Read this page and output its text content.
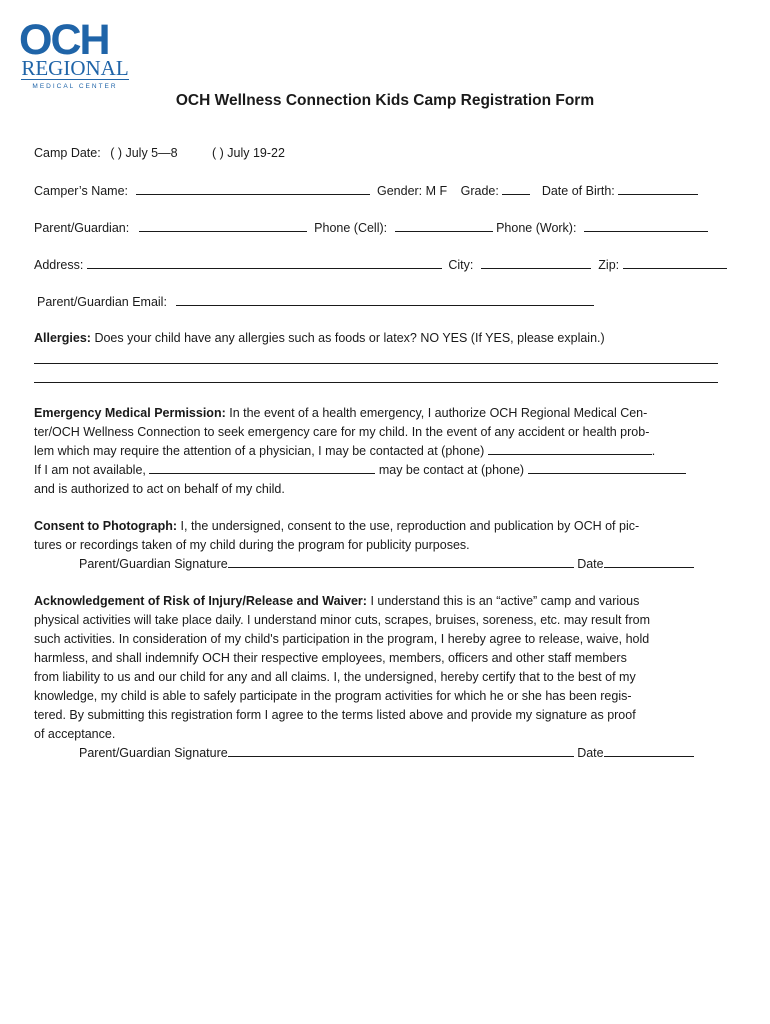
OCH
REGIONAL
MEDICAL CENTER
OCH Wellness Connection Kids Camp Registration Form
Camp Date: ( ) July 5—8	( ) July 19-22
Camper’s Name:	Gender: M F Grade:	Date of Birth:
Parent/Guardian:	Phone (Cell):	Phone (Work):
Address:	City:	Zip:
Parent/Guardian Email:
Allergies: Does your child have any allergies such as foods or latex? NO YES (If YES, please explain.)
Emergency Medical Permission: In the event of a health emergency, I authorize OCH Regional Medical Cen-
ter/OCH Wellness Connection to seek emergency care for my child. In the event of any accident or health prob-
lem which may require the attention of a physician, I may be contacted at (phone)	.
If I am not available,	may be contact at (phone)
and is authorized to act on behalf of my child.
Consent to Photograph: I, the undersigned, consent to the use, reproduction and publication by OCH of pic-
tures or recordings taken of my child during the program for publicity purposes.
Parent/Guardian Signature	Date
Acknowledgement of Risk of Injury/Release and Waiver: I understand this is an “active” camp and various
physical activities will take place daily. I understand minor cuts, scrapes, bruises, soreness, etc. may result from
such activities. In consideration of my child's participation in the program, I hereby agree to release, waive, hold
harmless, and shall indemnify OCH their respective employees, members, officers and other staff members
from liability to us and our child for any and all claims. I, the undersigned, hereby certify that to the best of my
knowledge, my child is able to safely participate in the program activities for which he or she has been regis-
tered. By submitting this registration form I agree to the terms listed above and provide my signature as proof
of acceptance.
Parent/Guardian Signature	Date
